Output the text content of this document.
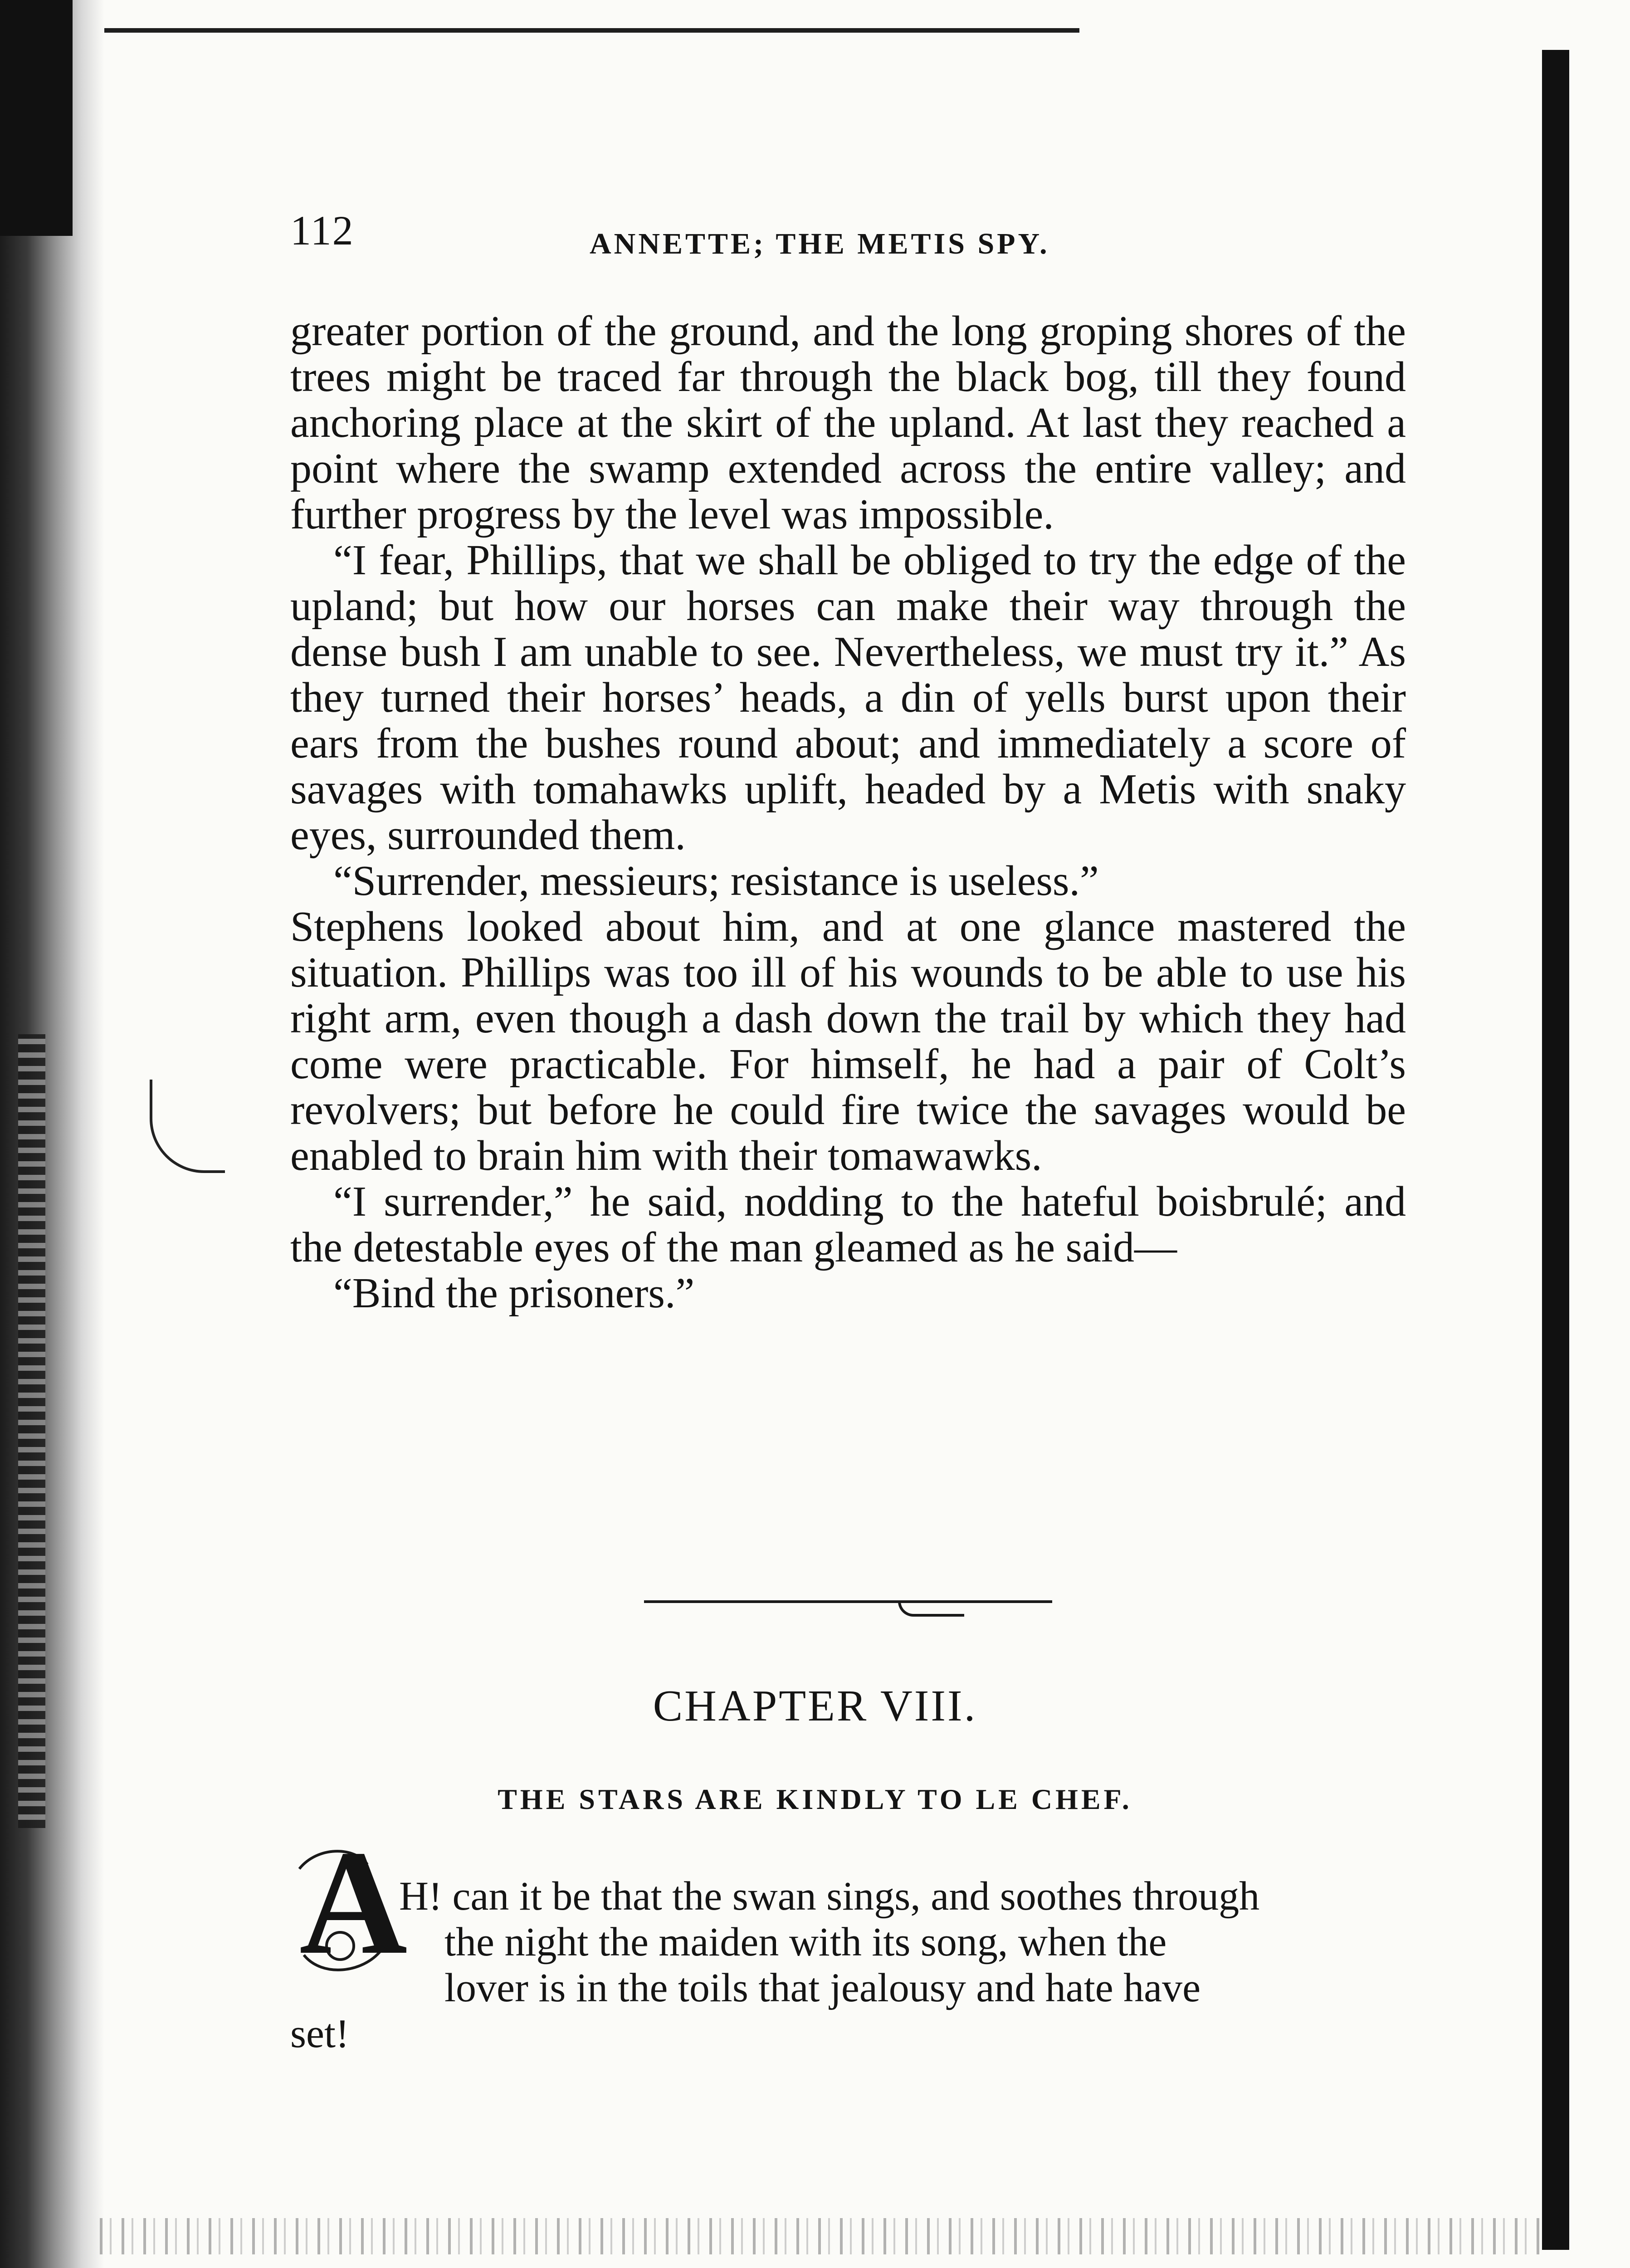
112	ANNETTE; THE METIS SPY.

greater portion of the ground, and the long groping shores of the trees might be traced far through the black bog, till they found anchoring place at the skirt of the upland. At last they reached a point where the swamp extended across the entire valley; and further progress by the level was impossible.

“I fear, Phillips, that we shall be obliged to try the edge of the upland; but how our horses can make their way through the dense bush I am unable to see. Nevertheless, we must try it.” As they turned their horses’ heads, a din of yells burst upon their ears from the bushes round about; and immediately a score of savages with tomahawks uplift, headed by a Metis with snaky eyes, surrounded them.

“Surrender, messieurs; resistance is useless.”

Stephens looked about him, and at one glance mastered the situation. Phillips was too ill of his wounds to be able to use his right arm, even though a dash down the trail by which they had come were practicable. For himself, he had a pair of Colt’s revolvers; but before he could fire twice the savages would be enabled to brain him with their tomawawks.

“I surrender,” he said, nodding to the hateful boisbrulé; and the detestable eyes of the man gleamed as he said—

“Bind the prisoners.”

CHAPTER VIII.
THE STARS ARE KINDLY TO LE CHEF.
A
H! can it be that the swan sings, and soothes through
the night the maiden with its song, when the
lover is in the toils that jealousy and hate have
set!
